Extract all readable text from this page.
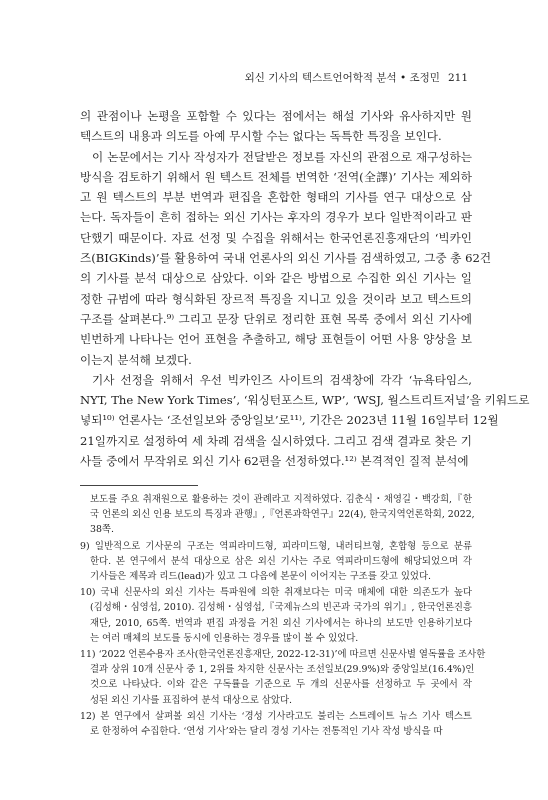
외신 기사의 텍스트언어학적 분석 • 조정민 211

의 관점이나 논평을 포함할 수 있다는 점에서는 해설 기사와 유사하지만 원
텍스트의 내용과 의도를 아예 무시할 수는 없다는 독특한 특징을 보인다.

이 논문에서는 기사 작성자가 전달받은 정보를 자신의 관점으로 재구성하는
방식을 검토하기 위해서 원 텍스트 전체를 번역한 ‘전역(全譯)’ 기사는 제외하
고 원 텍스트의 부분 번역과 편집을 혼합한 형태의 기사를 연구 대상으로 삼
는다. 독자들이 흔히 접하는 외신 기사는 후자의 경우가 보다 일반적이라고 판
단했기 때문이다. 자료 선정 및 수집을 위해서는 한국언론진흥재단의 ‘빅카인
즈(BIGKinds)’를 활용하여 국내 언론사의 외신 기사를 검색하였고, 그중 총 62건
의 기사를 분석 대상으로 삼았다. 이와 같은 방법으로 수집한 외신 기사는 일
정한 규범에 따라 형식화된 장르적 특징을 지니고 있을 것이라 보고 텍스트의
구조를 살펴본다.⁹⁾ 그리고 문장 단위로 정리한 표현 목록 중에서 외신 기사에
빈번하게 나타나는 언어 표현을 추출하고, 해당 표현들이 어떤 사용 양상을 보
이는지 분석해 보겠다.

기사 선정을 위해서 우선 빅카인즈 사이트의 검색창에 각각 ‘뉴욕타임스,
NYT, The New York Times’, ‘워싱턴포스트, WP’, ‘WSJ, 월스트리트저널’을 키워드로
넣되¹⁰⁾ 언론사는 ‘조선일보와 중앙일보’로¹¹⁾, 기간은 2023년 11월 16일부터 12월
21일까지로 설정하여 세 차례 검색을 실시하였다. 그리고 검색 결과로 찾은 기
사들 중에서 무작위로 외신 기사 62편을 선정하였다.¹²⁾ 본격적인 질적 분석에

보도를 주요 취재원으로 활용하는 것이 관례라고 지적하였다. 김춘식・채영길・백강희,『한
국 언론의 외신 인용 보도의 특징과 관행』,『언론과학연구』22(4), 한국지역언론학회, 2022,
38쪽.
9) 일반적으로 기사문의 구조는 역피라미드형, 피라미드형, 내러티브형, 혼합형 등으로 분류
한다. 본 연구에서 분석 대상으로 삼은 외신 기사는 주로 역피라미드형에 해당되었으며 각
기사들은 제목과 리드(lead)가 있고 그 다음에 본문이 이어지는 구조를 갖고 있었다.
10) 국내 신문사의 외신 기사는 특파원에 의한 취재보다는 미국 매체에 대한 의존도가 높다
(김성해・심영섭, 2010). 김성해・심영섭,『국제뉴스의 빈곤과 국가의 위기』, 한국언론진흥
재단, 2010, 65쪽. 번역과 편집 과정을 거친 외신 기사에서는 하나의 보도만 인용하기보다
는 여러 매체의 보도를 동시에 인용하는 경우를 많이 볼 수 있었다.
11) ‘2022 언론수용자 조사(한국언론진흥재단, 2022-12-31)’에 따르면 신문사별 열독률을 조사한
결과 상위 10개 신문사 중 1, 2위를 차지한 신문사는 조선일보(29.9%)와 중앙일보(16.4%)인
것으로 나타났다. 이와 같은 구독률을 기준으로 두 개의 신문사를 선정하고 두 곳에서 작
성된 외신 기사를 표집하여 분석 대상으로 삼았다.
12) 본 연구에서 살펴볼 외신 기사는 ‘경성 기사라고도 불리는 스트레이트 뉴스 기사 텍스트
로 한정하여 수집한다. ‘연성 기사’와는 달리 경성 기사는 전통적인 기사 작성 방식을 따
